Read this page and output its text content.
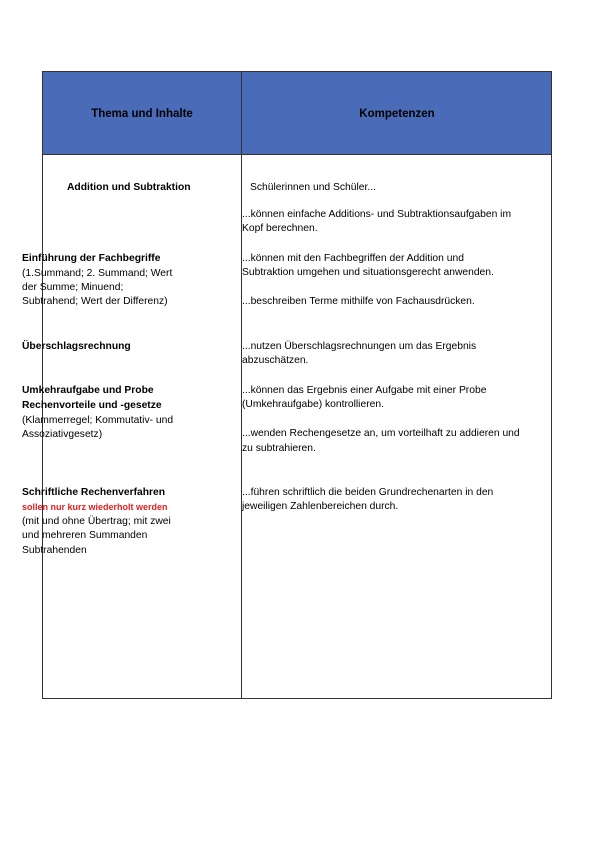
Thema und Inhalte	Kompetenzen

Addition und Subtraktion

Einführung der Fachbegriffe

(1.Summand; 2. Summand; Wert

der Summe; Minuend;

Subtrahend; Wert der Differenz)

Überschlagsrechnung

Umkehraufgabe und Probe

Rechenvorteile und -gesetze

(Klammerregel; Kommutativ- und

Assoziativgesetz)

Schriftliche Rechenverfahren

sollen nur kurz wiederholt werden

(mit und ohne Übertrag; mit zwei

und mehreren Summanden

Subtrahenden

Schülerinnen und Schüler...

...können einfache Additions- und Subtraktionsaufgaben im

Kopf berechnen.

...können mit den Fachbegriffen der Addition und

Subtraktion umgehen und situationsgerecht anwenden.

...beschreiben Terme mithilfe von Fachausdrücken.

...nutzen Überschlagsrechnungen um das Ergebnis

abzuschätzen.

...können das Ergebnis einer Aufgabe mit einer Probe

(Umkehraufgabe) kontrollieren.

...wenden Rechengesetze an, um vorteilhaft zu addieren und

zu subtrahieren.

...führen schriftlich die beiden Grundrechenarten in den

jeweiligen Zahlenbereichen durch.
